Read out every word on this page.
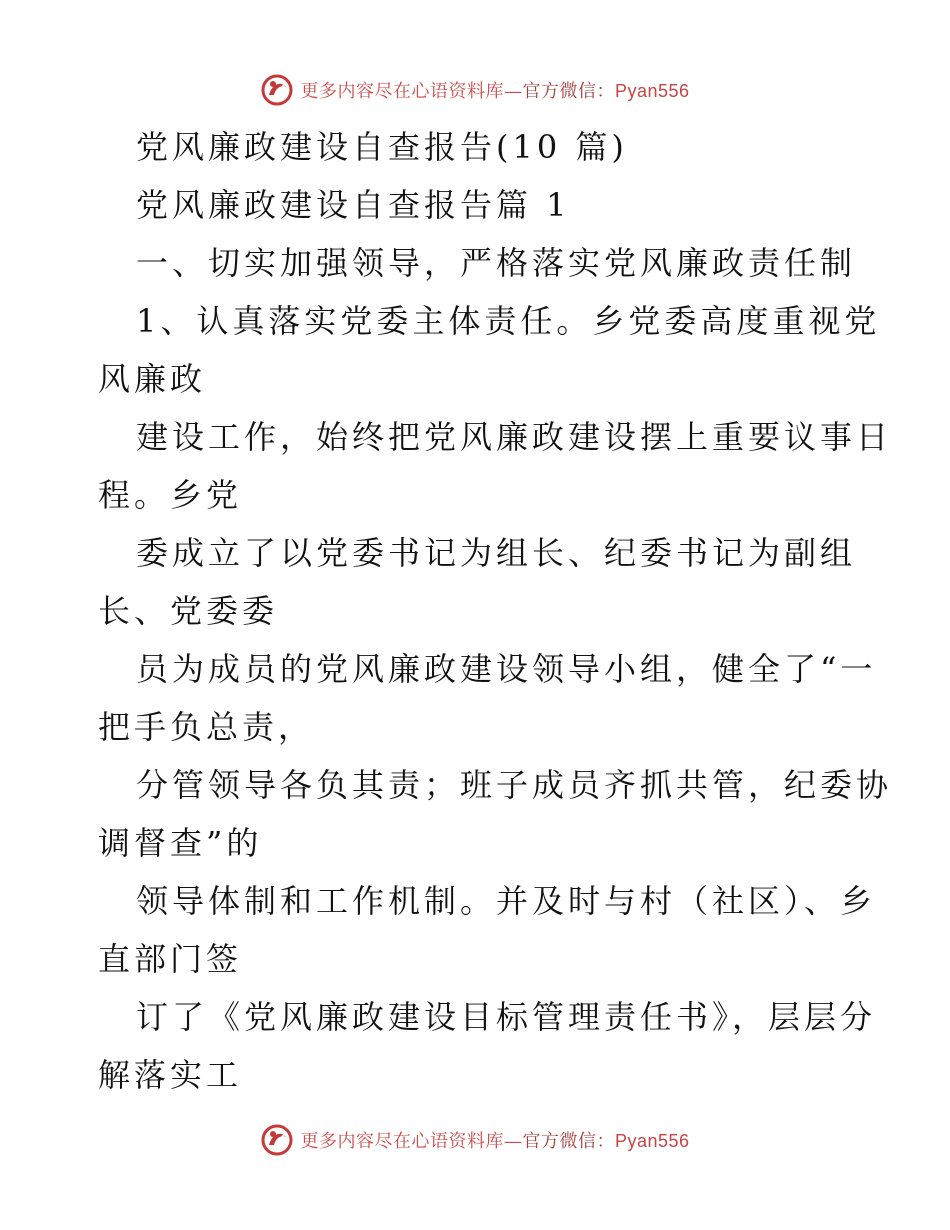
更多内容尽在心语资料库—官方微信：Pyan556
党风廉政建设自查报告(10 篇)
党风廉政建设自查报告篇 1
一、切实加强领导，严格落实党风廉政责任制
1、认真落实党委主体责任。乡党委高度重视党
风廉政
建设工作，始终把党风廉政建设摆上重要议事日
程。乡党
委成立了以党委书记为组长、纪委书记为副组
长、党委委
员为成员的党风廉政建设领导小组，健全了“一
把手负总责，
分管领导各负其责；班子成员齐抓共管，纪委协
调督查”的
领导体制和工作机制。并及时与村（社区）、乡
直部门签
订了《党风廉政建设目标管理责任书》，层层分
解落实工
更多内容尽在心语资料库—官方微信：Pyan556
